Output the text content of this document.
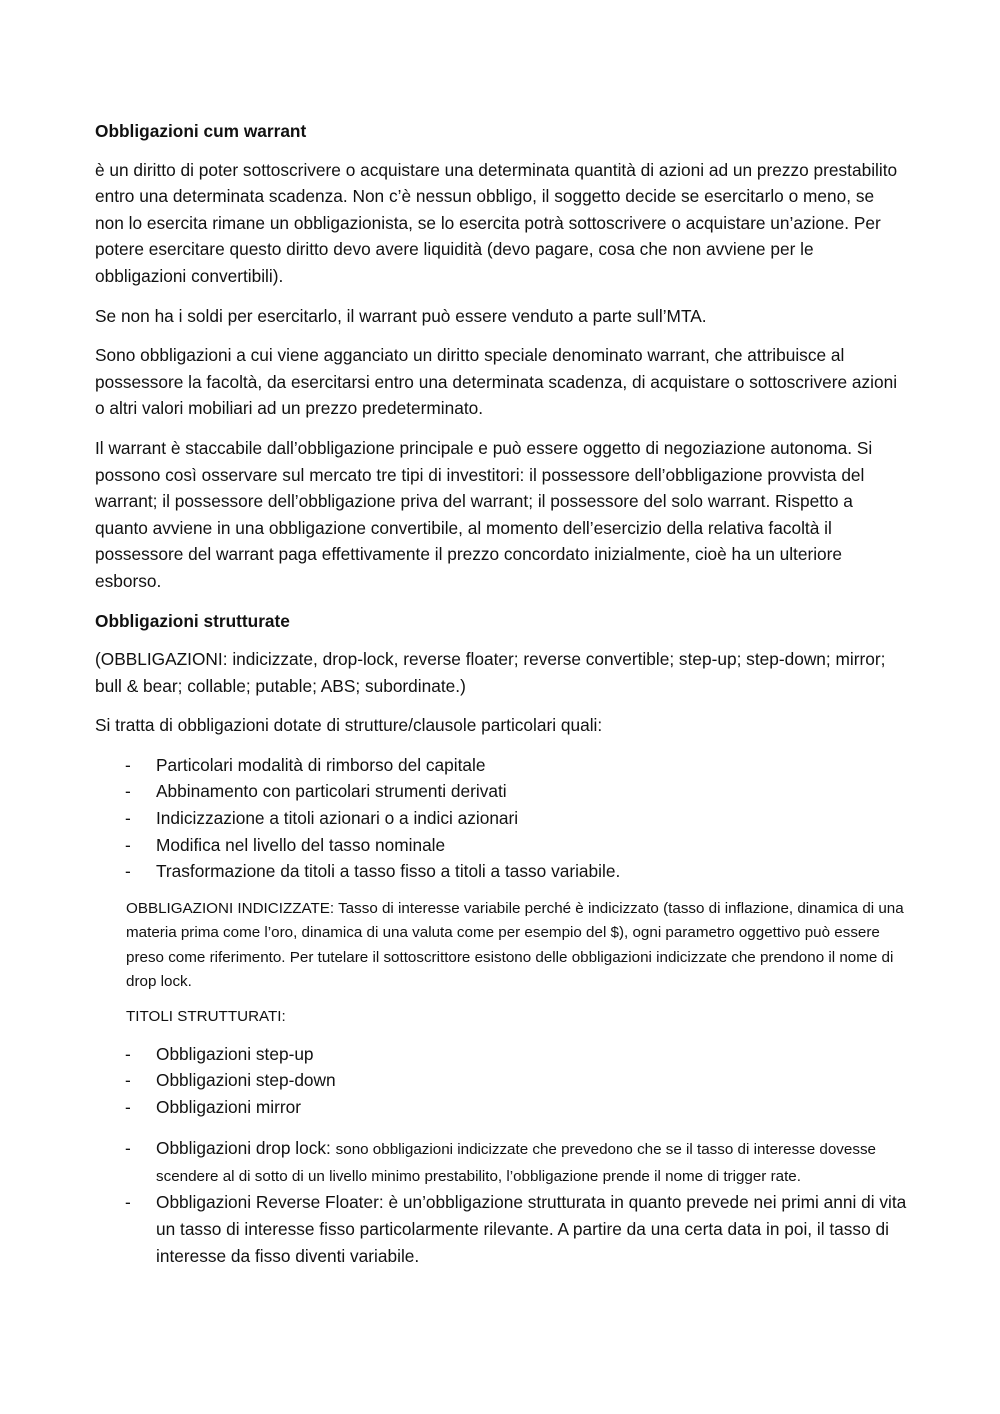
Obbligazioni cum warrant

è un diritto di poter sottoscrivere o acquistare una determinata quantità di azioni ad un prezzo prestabilito entro una determinata scadenza. Non c’è nessun obbligo, il soggetto decide se esercitarlo o meno, se non lo esercita rimane un obbligazionista, se lo esercita potrà sottoscrivere o acquistare un’azione. Per potere esercitare questo diritto devo avere liquidità (devo pagare, cosa che non avviene per le obbligazioni convertibili).

Se non ha i soldi per esercitarlo, il warrant può essere venduto a parte sull’MTA.

Sono obbligazioni a cui viene agganciato un diritto speciale denominato warrant, che attribuisce al possessore la facoltà, da esercitarsi entro una determinata scadenza, di acquistare o sottoscrivere azioni o altri valori mobiliari ad un prezzo predeterminato.

Il warrant è staccabile dall’obbligazione principale e può essere oggetto di negoziazione autonoma. Si possono così osservare sul mercato tre tipi di investitori: il possessore dell’obbligazione provvista del warrant; il possessore dell’obbligazione priva del warrant; il possessore del solo warrant. Rispetto a quanto avviene in una obbligazione convertibile, al momento dell’esercizio della relativa facoltà il possessore del warrant paga effettivamente il prezzo concordato inizialmente, cioè ha un ulteriore esborso.

Obbligazioni strutturate

(OBBLIGAZIONI: indicizzate, drop-lock, reverse floater; reverse convertible; step-up; step-down; mirror; bull & bear; collable; putable; ABS; subordinate.)

Si tratta di obbligazioni dotate di strutture/clausole particolari quali:

- Particolari modalità di rimborso del capitale
- Abbinamento con particolari strumenti derivati
- Indicizzazione a titoli azionari o a indici azionari
- Modifica nel livello del tasso nominale
- Trasformazione da titoli a tasso fisso a titoli a tasso variabile.
OBBLIGAZIONI INDICIZZATE: Tasso di interesse variabile perché è indicizzato (tasso di inflazione, dinamica di una materia prima come l’oro, dinamica di una valuta come per esempio del $), ogni parametro oggettivo può essere preso come riferimento. Per tutelare il sottoscrittore esistono delle obbligazioni indicizzate che prendono il nome di drop lock.
TITOLI STRUTTURATI:
- Obbligazioni step-up
- Obbligazioni step-down
- Obbligazioni mirror
- Obbligazioni drop lock: sono obbligazioni indicizzate che prevedono che se il tasso di interesse dovesse scendere al di sotto di un livello minimo prestabilito, l’obbligazione prende il nome di trigger rate.
- Obbligazioni Reverse Floater: è un’obbligazione strutturata in quanto prevede nei primi anni di vita un tasso di interesse fisso particolarmente rilevante. A partire da una certa data in poi, il tasso di interesse da fisso diventi variabile.
